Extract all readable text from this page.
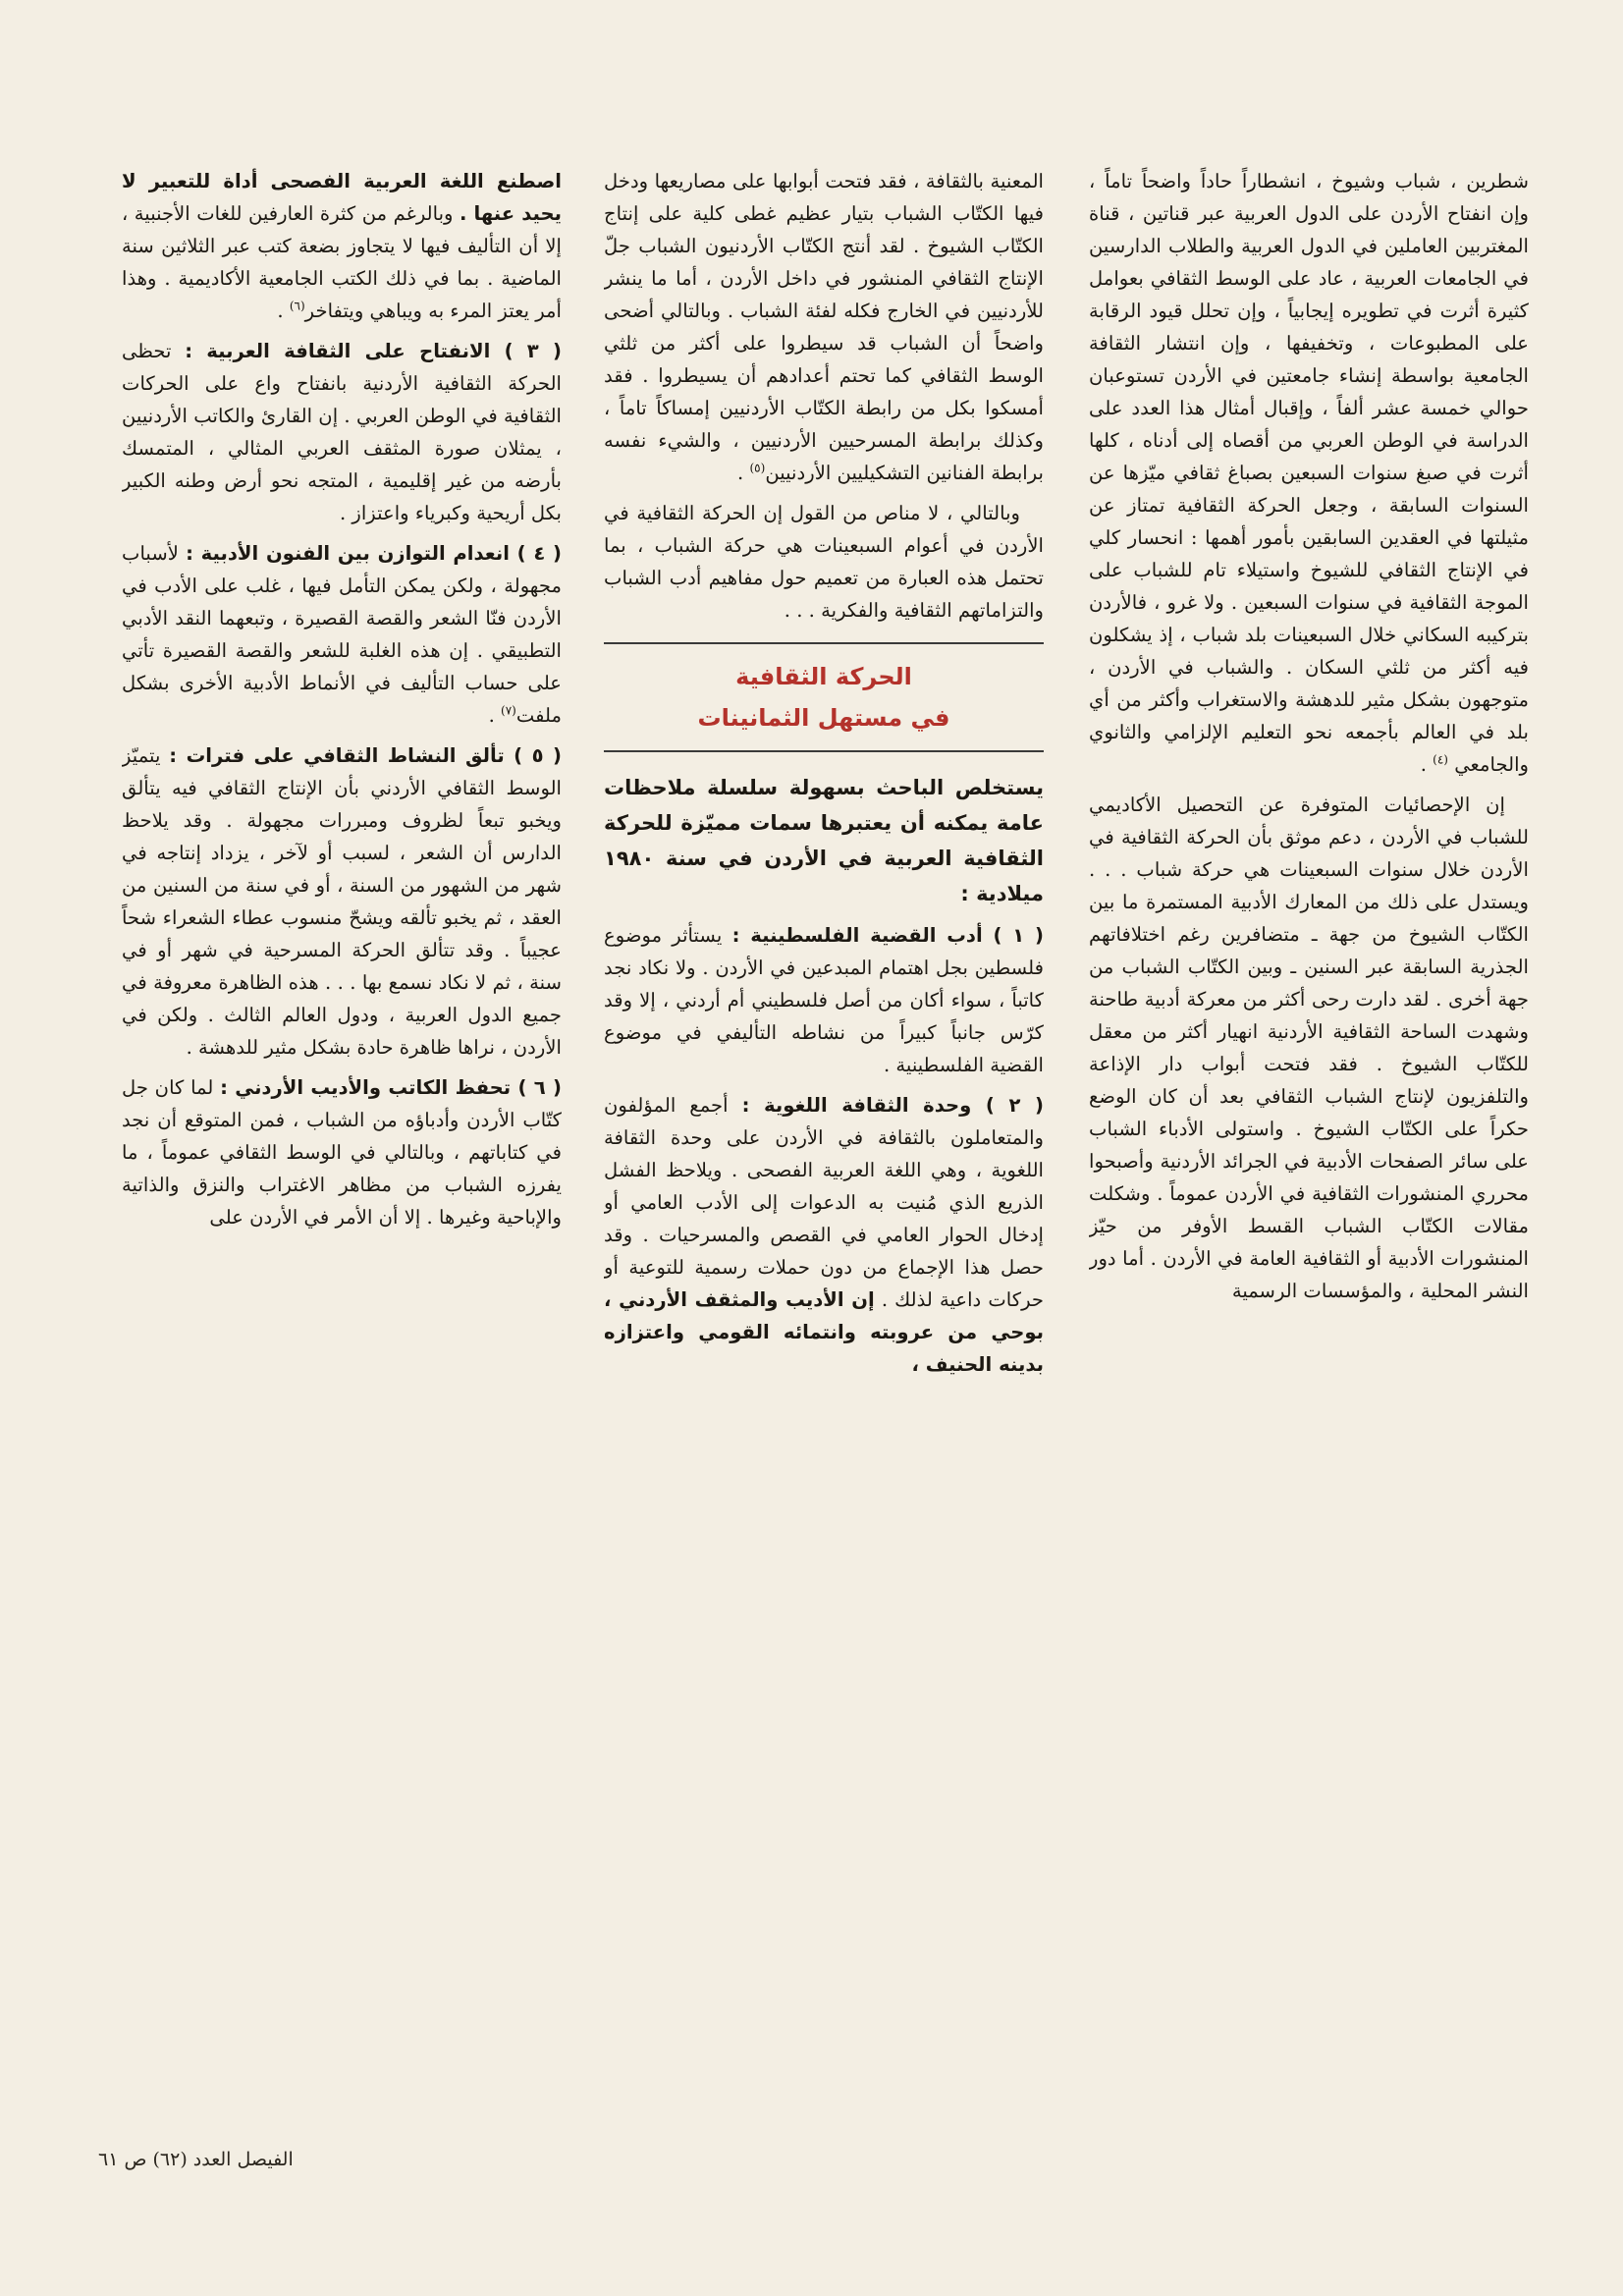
شطرين ، شباب وشيوخ ، انشطاراً حاداً واضحاً تاماً ، وإن انفتاح الأردن على الدول العربية عبر قناتين ، قناة المغتربين العاملين في الدول العربية والطلاب الدارسين في الجامعات العربية ، عاد على الوسط الثقافي بعوامل كثيرة أثرت في تطويره إيجابياً ، وإن تحلل قيود الرقابة على المطبوعات ، وتخفيفها ، وإن انتشار الثقافة الجامعية بواسطة إنشاء جامعتين في الأردن تستوعبان حوالي خمسة عشر ألفاً ، وإقبال أمثال هذا العدد على الدراسة في الوطن العربي من أقصاه إلى أدناه ، كلها أثرت في صبغ سنوات السبعين بصباغ ثقافي ميّزها عن السنوات السابقة ، وجعل الحركة الثقافية تمتاز عن مثيلتها في العقدين السابقين بأمور أهمها : انحسار كلي في الإنتاج الثقافي للشيوخ واستيلاء تام للشباب على الموجة الثقافية في سنوات السبعين . ولا غرو ، فالأردن بتركيبه السكاني خلال السبعينات بلد شباب ، إذ يشكلون فيه أكثر من ثلثي السكان . والشباب في الأردن ، متوجهون بشكل مثير للدهشة والاستغراب وأكثر من أي بلد في العالم بأجمعه نحو التعليم الإلزامي والثانوي والجامعي $^{(٤)}$ .

إن الإحصائيات المتوفرة عن التحصيل الأكاديمي للشباب في الأردن ، دعم موثق بأن الحركة الثقافية في الأردن خلال سنوات السبعينات هي حركة شباب . . . ويستدل على ذلك من المعارك الأدبية المستمرة ما بين الكتّاب الشيوخ من جهة ـ متضافرين رغم اختلافاتهم الجذرية السابقة عبر السنين ـ وبين الكتّاب الشباب من جهة أخرى . لقد دارت رحى أكثر من معركة أدبية طاحنة وشهدت الساحة الثقافية الأردنية انهيار أكثر من معقل للكتّاب الشيوخ . فقد فتحت أبواب دار الإذاعة والتلفزيون لإنتاج الشباب الثقافي بعد أن كان الوضع حكراً على الكتّاب الشيوخ . واستولى الأدباء الشباب على سائر الصفحات الأدبية في الجرائد الأردنية وأصبحوا محرري المنشورات الثقافية في الأردن عموماً . وشكلت مقالات الكتّاب الشباب القسط الأوفر من حيّز المنشورات الأدبية أو الثقافية العامة في الأردن . أما دور النشر المحلية ، والمؤسسات الرسمية

المعنية بالثقافة ، فقد فتحت أبوابها على مصاريعها ودخل فيها الكتّاب الشباب بتيار عظيم غطى كلية على إنتاج الكتّاب الشيوخ . لقد أنتج الكتّاب الأردنيون الشباب جلّ الإنتاج الثقافي المنشور في داخل الأردن ، أما ما ينشر للأردنيين في الخارج فكله لفئة الشباب . وبالتالي أضحى واضحاً أن الشباب قد سيطروا على أكثر من ثلثي الوسط الثقافي كما تحتم أعدادهم أن يسيطروا . فقد أمسكوا بكل من رابطة الكتّاب الأردنيين إمساكاً تاماً ، وكذلك برابطة المسرحيين الأردنيين ، والشيء نفسه برابطة الفنانين التشكيليين الأردنيين$^{(٥)}$ .

وبالتالي ، لا مناص من القول إن الحركة الثقافية في الأردن في أعوام السبعينات هي حركة الشباب ، بما تحتمل هذه العبارة من تعميم حول مفاهيم أدب الشباب والتزاماتهم الثقافية والفكرية . . .

الحركة الثقافية
في مستهل الثمانينات
يستخلص الباحث بسهولة سلسلة ملاحظات عامة يمكنه أن يعتبرها سمات مميّزة للحركة الثقافية العربية في الأردن في سنة ١٩٨٠ ميلادية :

( ١ ) أدب القضية الفلسطينية : يستأثر موضوع فلسطين بجل اهتمام المبدعين في الأردن . ولا نكاد نجد كاتباً ، سواء أكان من أصل فلسطيني أم أردني ، إلا وقد كرّس جانباً كبيراً من نشاطه التأليفي في موضوع القضية الفلسطينية .

( ٢ ) وحدة الثقافة اللغوية : أجمع المؤلفون والمتعاملون بالثقافة في الأردن على وحدة الثقافة اللغوية ، وهي اللغة العربية الفصحى . ويلاحظ الفشل الذريع الذي مُنيت به الدعوات إلى الأدب العامي أو إدخال الحوار العامي في القصص والمسرحيات . وقد حصل هذا الإجماع من دون حملات رسمية للتوعية أو حركات داعية لذلك . إن الأديب والمثقف الأردني ، بوحي من عروبته وانتمائه القومي واعتزازه بدينه الحنيف ،

اصطنع اللغة العربية الفصحى أداة للتعبير لا يحيد عنها . وبالرغم من كثرة العارفين للغات الأجنبية ، إلا أن التأليف فيها لا يتجاوز بضعة كتب عبر الثلاثين سنة الماضية . بما في ذلك الكتب الجامعية الأكاديمية . وهذا أمر يعتز المرء به ويباهي ويتفاخر$^{(٦)}$ .

( ٣ ) الانفتاح على الثقافة العربية : تحظى الحركة الثقافية الأردنية بانفتاح واع على الحركات الثقافية في الوطن العربي . إن القارئ والكاتب الأردنيين ، يمثلان صورة المثقف العربي المثالي ، المتمسك بأرضه من غير إقليمية ، المتجه نحو أرض وطنه الكبير بكل أريحية وكبرياء واعتزاز .

( ٤ ) انعدام التوازن بين الفنون الأدبية : لأسباب مجهولة ، ولكن يمكن التأمل فيها ، غلب على الأدب في الأردن فنّا الشعر والقصة القصيرة ، وتبعهما النقد الأدبي التطبيقي . إن هذه الغلبة للشعر والقصة القصيرة تأتي على حساب التأليف في الأنماط الأدبية الأخرى بشكل ملفت$^{(٧)}$ .

( ٥ ) تألق النشاط الثقافي على فترات : يتميّز الوسط الثقافي الأردني بأن الإنتاج الثقافي فيه يتألق ويخبو تبعاً لظروف ومبررات مجهولة . وقد يلاحظ الدارس أن الشعر ، لسبب أو لآخر ، يزداد إنتاجه في شهر من الشهور من السنة ، أو في سنة من السنين من العقد ، ثم يخبو تألقه ويشحّ منسوب عطاء الشعراء شحاً عجيباً . وقد تتألق الحركة المسرحية في شهر أو في سنة ، ثم لا نكاد نسمع بها . . . هذه الظاهرة معروفة في جميع الدول العربية ، ودول العالم الثالث . ولكن في الأردن ، نراها ظاهرة حادة بشكل مثير للدهشة .

( ٦ ) تحفظ الكاتب والأديب الأردني : لما كان جل كتّاب الأردن وأدباؤه من الشباب ، فمن المتوقع أن نجد في كتاباتهم ، وبالتالي في الوسط الثقافي عموماً ، ما يفرزه الشباب من مظاهر الاغتراب والنزق والذاتية والإباحية وغيرها . إلا أن الأمر في الأردن على

الفيصل العدد (٦٢) ص ٦١
